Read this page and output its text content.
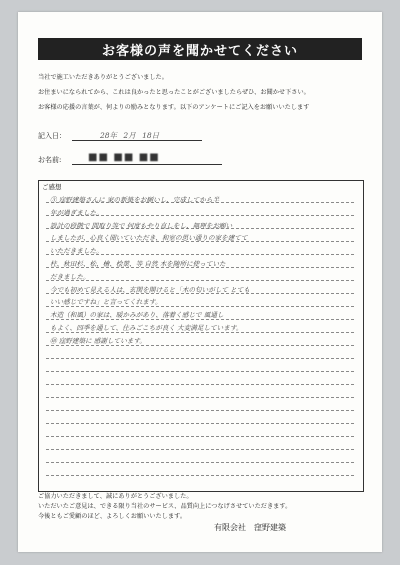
お客様の声を聞かせてください
当社で施工いただきありがとうございました。
お住まいになられてから、これは良かったと思ったことがございましたらぜひ、お聞かせ下さい。
お客様の応援の言葉が、何よりの励みとなります。以下のアンケートにご記入をお願いいたします
記入日：	28年 2月 18日
お名前:	■■ ■■ ■■
ご感想
③ 窪野建築さんに 家の新築をお願いし、完成してから半
年が過ぎました。
設計の段階で 間取り等で 何度もやり直しをし、無理をお願い
しましたが、心良く聞いていただき、和室の思い通りの家を建てて
いただきました。
柱、秋田杉、松、檜、桧葉、等 自然 木を随所に使っていた
だきました。
今でも初めて見える人は、玄関を開けると「木の匂いがして とても
いい感じですね」と言ってくれます。
木造（和風）の家は、暖かみがあり、落着く感じで 風通し
もよく、四季を通して、住みごこちが良く 大変満足しています。
㊞ 窪野建築に 感謝しています。
ご協力いただきまして、誠にありがとうございました。
いただいたご意見は、できる限り当社のサービス、品質向上につなげさせていただきます。
今後ともご愛顧のほど、よろしくお願いいたします。
有限会社　窪野建築
